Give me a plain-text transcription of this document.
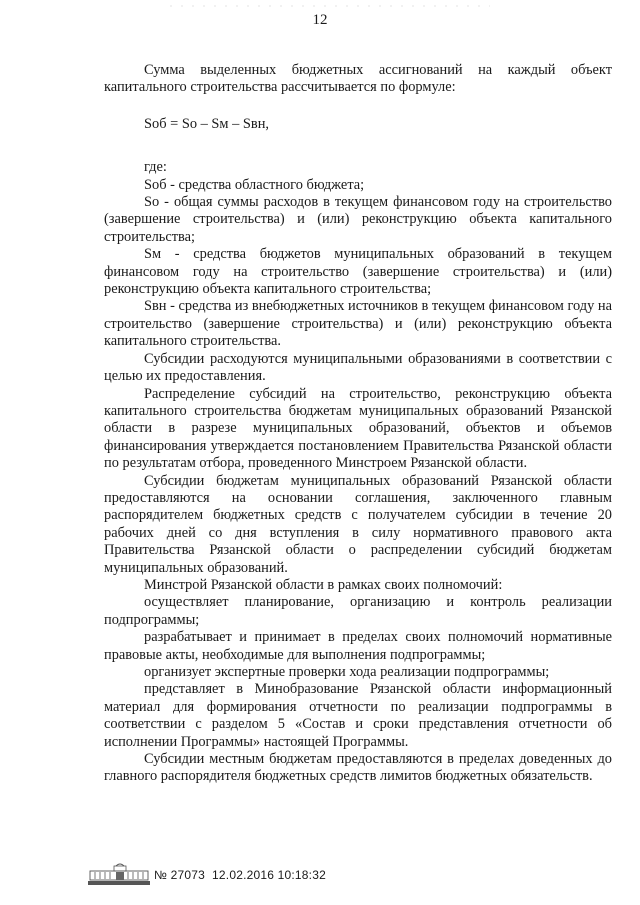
12

Сумма выделенных бюджетных ассигнований на каждый объект капитального строительства рассчитывается по формуле:

Sоб = Sо – Sм – Sвн,

где:

Sоб - средства областного бюджета;

Sо - общая суммы расходов в текущем финансовом году на строительство (завершение строительства) и (или) реконструкцию объекта капитального строительства;

Sм - средства бюджетов муниципальных образований в текущем финансовом году на строительство (завершение строительства) и (или) реконструкцию объекта капитального строительства;

Sвн - средства из внебюджетных источников в текущем финансовом году на строительство (завершение строительства) и (или) реконструкцию объекта капитального строительства.

Субсидии расходуются муниципальными образованиями в соответствии с целью их предоставления.

Распределение субсидий на строительство, реконструкцию объекта капитального строительства бюджетам муниципальных образований Рязанской области в разрезе муниципальных образований, объектов и объемов финансирования утверждается постановлением Правительства Рязанской области по результатам отбора, проведенного Минстроем Рязанской области.

Субсидии бюджетам муниципальных образований Рязанской области предоставляются на основании соглашения, заключенного главным распорядителем бюджетных средств с получателем субсидии в течение 20 рабочих дней со дня вступления в силу нормативного правового акта Правительства Рязанской области о распределении субсидий бюджетам муниципальных образований.

Минстрой Рязанской области в рамках своих полномочий:

осуществляет планирование, организацию и контроль реализации подпрограммы;

разрабатывает и принимает в пределах своих полномочий нормативные правовые акты, необходимые для выполнения подпрограммы;

организует экспертные проверки хода реализации подпрограммы;

представляет в Минобразование Рязанской области информационный материал для формирования отчетности по реализации подпрограммы в соответствии с разделом 5 «Состав и сроки представления отчетности об исполнении Программы» настоящей Программы.

Субсидии местным бюджетам предоставляются в пределах доведенных до главного распорядителя бюджетных средств лимитов бюджетных обязательств.

№ 27073  12.02.2016 10:18:32
